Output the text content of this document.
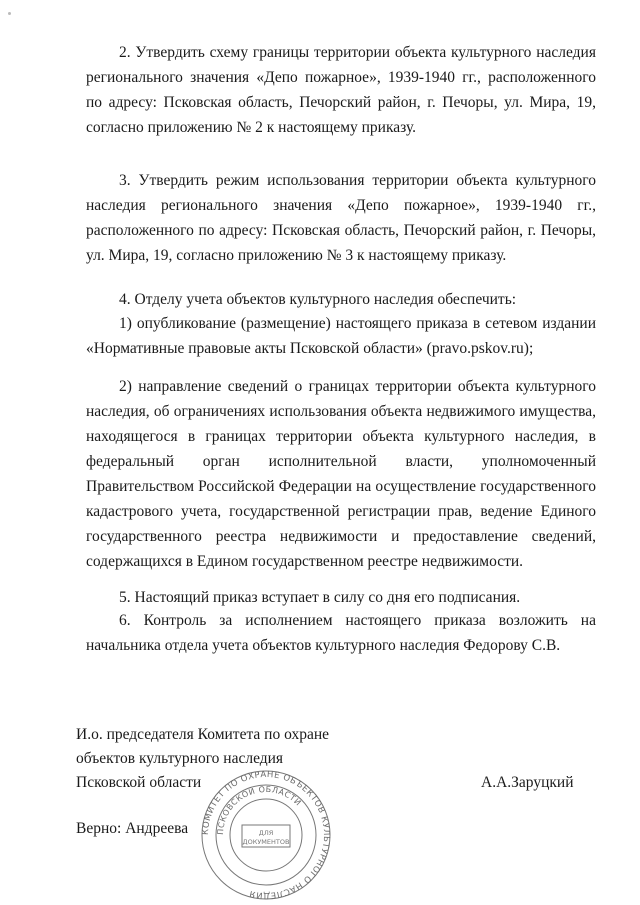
2. Утвердить схему границы территории объекта культурного наследия регионального значения «Депо пожарное», 1939-1940 гг., расположенного по адресу: Псковская область, Печорский район, г. Печоры, ул. Мира, 19, согласно приложению № 2 к настоящему приказу.

3. Утвердить режим использования территории объекта культурного наследия регионального значения «Депо пожарное», 1939-1940 гг., расположенного по адресу: Псковская область, Печорский район, г. Печоры, ул. Мира, 19, согласно приложению № 3 к настоящему приказу.

4. Отделу учета объектов культурного наследия обеспечить:

1) опубликование (размещение) настоящего приказа в сетевом издании «Нормативные правовые акты Псковской области» (pravo.pskov.ru);

2) направление сведений о границах территории объекта культурного наследия, об ограничениях использования объекта недвижимого имущества, находящегося в границах территории объекта культурного наследия, в федеральный орган исполнительной власти, уполномоченный Правительством Российской Федерации на осуществление государственного кадастрового учета, государственной регистрации прав, ведение Единого государственного реестра недвижимости и предоставление сведений, содержащихся в Едином государственном реестре недвижимости.

5. Настоящий приказ вступает в силу со дня его подписания.

6. Контроль за исполнением настоящего приказа возложить на начальника отдела учета объектов культурного наследия Федорову С.В.

И.о. председателя Комитета по охране

объектов культурного наследия

Псковской области	А.А.Заруцкий

Верно: Андреева КОМИТЕТ ПО ОХРАНЕ ОБЪЕКТОВ КУЛЬТУРНОГО НАСЛЕДИЯ
ПСКОВСКОЙ ОБЛАСТИ
ДЛЯ
ДОКУМЕНТОВ
